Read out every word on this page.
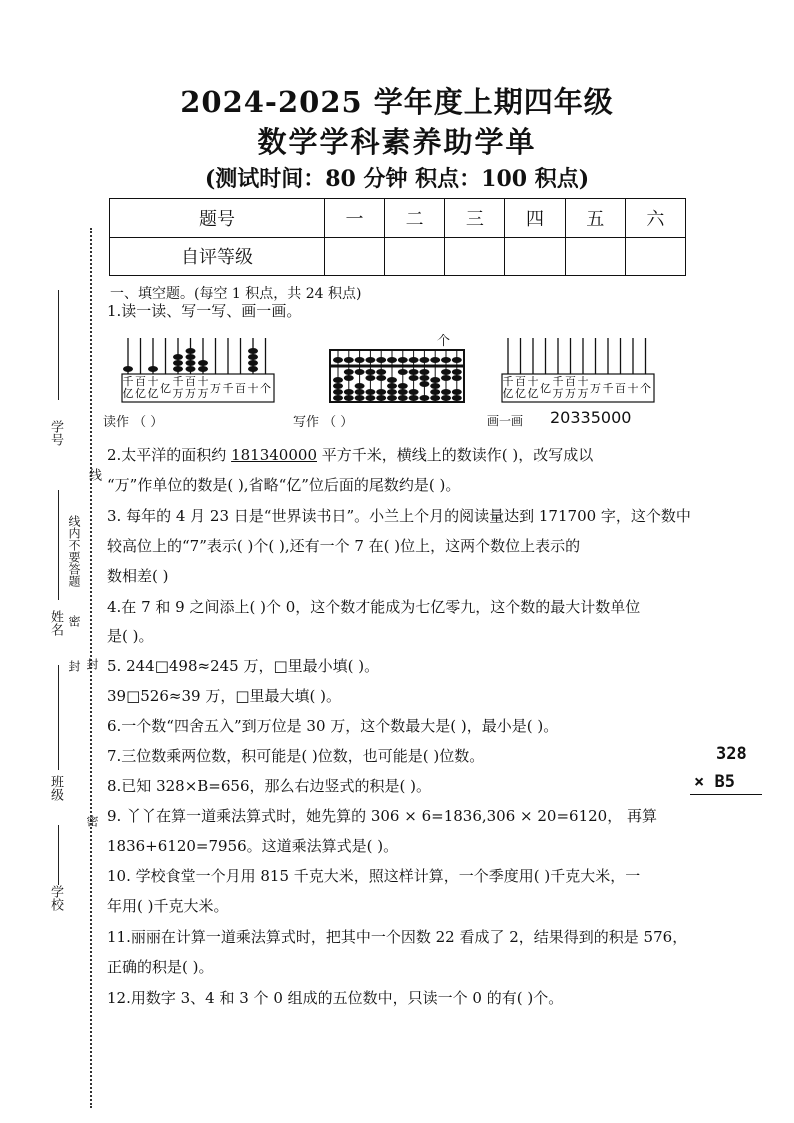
2024-2025 学年度上期四年级
数学学科素养助学单
(测试时间：80 分钟 积点：100 积点)
题号	一	二	三	四	五	六
自评等级						
学号
姓名
班级
学校
线
线内不要答题
密
封 封
密
一、填空题。(每空 1 积点，共 24 积点)
1.读一读、写一写、画一画。
千
亿
百
亿
十
亿 亿
千
万
百
万
十
万 万 千 百 十 个
个
千
亿
百
亿
十
亿 亿
千
万
百
万
十
万 万 千 百 十 个
读作 （ ）	写作 （ ）	画一画 20335000
2.太平洋的面积约 181340000 平方千米，横线上的数读作( )，改写成以
“万”作单位的数是( ),省略“亿”位后面的尾数约是( )。
3. 每年的 4 月 23 日是“世界读书日”。小兰上个月的阅读量达到 171700 字，这个数中
较高位上的“7”表示( )个( ),还有一个 7 在( )位上，这两个数位上表示的
数相差( )
4.在 7 和 9 之间添上( )个 0，这个数才能成为七亿零九，这个数的最大计数单位
是( )。
5. 244□498≈245 万，□里最小填( )。
39□526≈39 万，□里最大填( )。
6.一个数“四舍五入”到万位是 30 万，这个数最大是( )，最小是( )。
7.三位数乘两位数，积可能是( )位数，也可能是( )位数。
8.已知 328×B=656，那么右边竖式的积是( )。
9. 丫丫在算一道乘法算式时，她先算的 306 × 6=1836,306 × 20=6120， 再算
1836+6120=7956。这道乘法算式是( )。
10. 学校食堂一个月用 815 千克大米，照这样计算，一个季度用( )千克大米，一
年用( )千克大米。
11.丽丽在计算一道乘法算式时，把其中一个因数 22 看成了 2，结果得到的积是 576，
正确的积是( )。
12.用数字 3、4 和 3 个 0 组成的五位数中，只读一个 0 的有( )个。
328
× B5
